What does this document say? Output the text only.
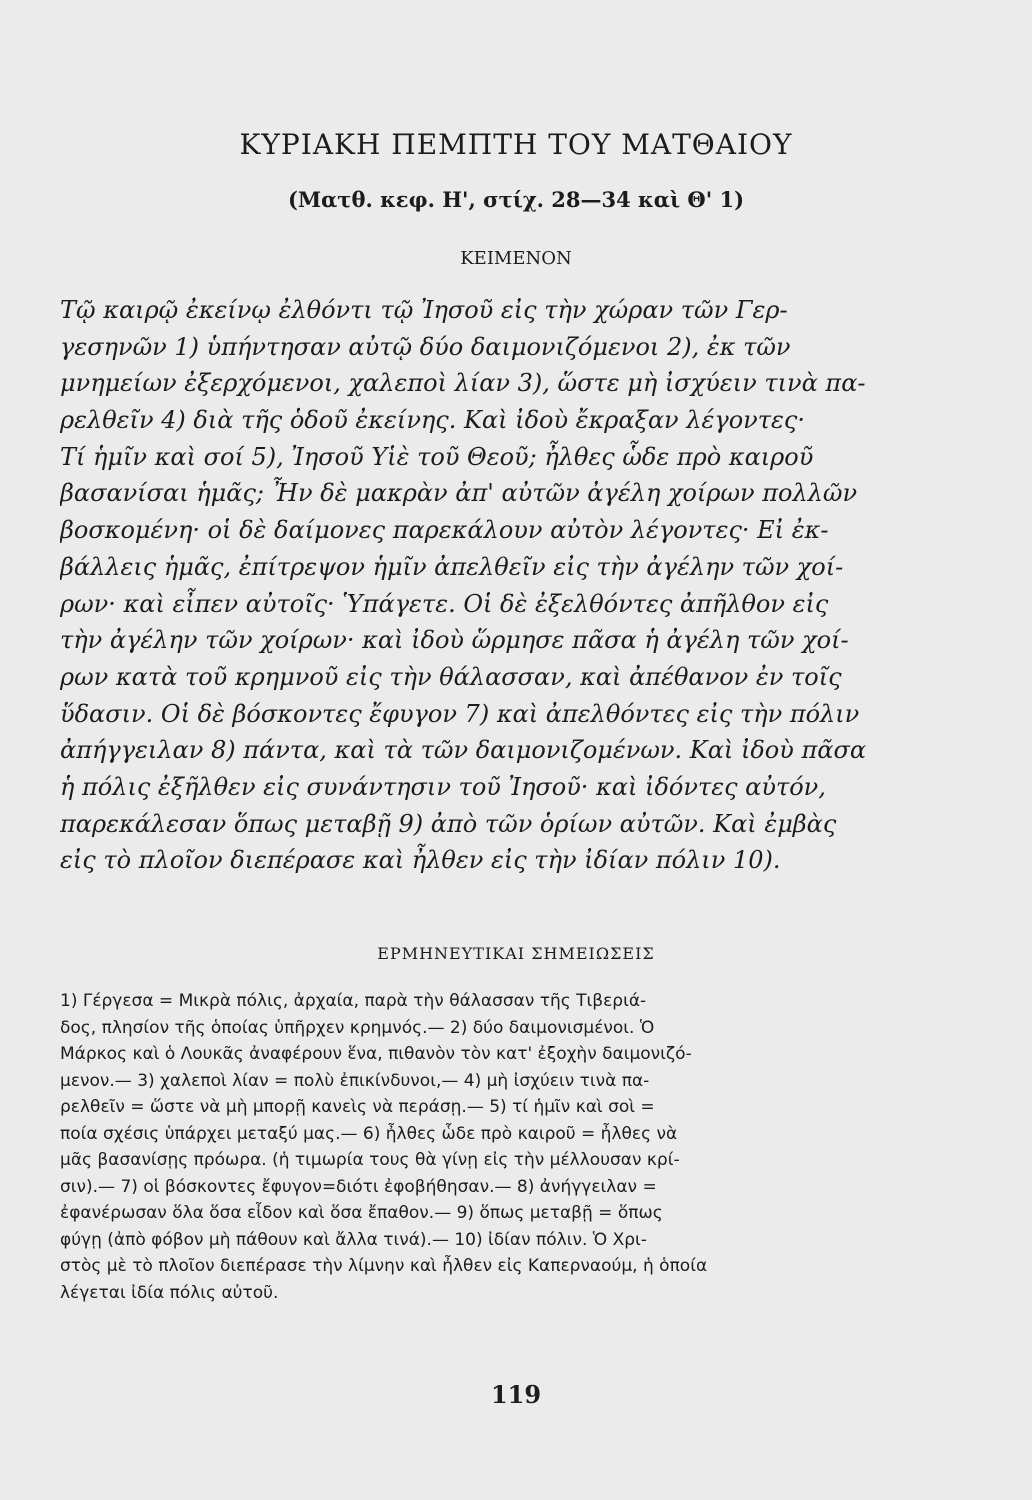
ΚΥΡΙΑΚΗ ΠΕΜΠΤΗ ΤΟΥ ΜΑΤΘΑΙΟΥ
(Ματθ. κεφ. Η', στίχ. 28—34 καὶ Θ' 1)
ΚΕΙΜΕΝΟΝ
Τῷ καιρῷ ἐκείνῳ ἐλθόντι τῷ Ἰησοῦ εἰς τὴν χώραν τῶν Γερ-
γεσηνῶν 1) ὑπήντησαν αὐτῷ δύο δαιμονιζόμενοι 2), ἐκ τῶν
μνημείων ἐξερχόμενοι, χαλεποὶ λίαν 3), ὥστε μὴ ἰσχύειν τινὰ πα-
ρελθεῖν 4) διὰ τῆς ὁδοῦ ἐκείνης. Καὶ ἰδοὺ ἔκραξαν λέγοντες·
Τί ἡμῖν καὶ σοί 5), Ἰησοῦ Υἱὲ τοῦ Θεοῦ; ἦλθες ὧδε πρὸ καιροῦ
βασανίσαι ἡμᾶς; Ἦν δὲ μακρὰν ἀπ' αὐτῶν ἀγέλη χοίρων πολλῶν
βοσκομένη· οἱ δὲ δαίμονες παρεκάλουν αὐτὸν λέγοντες· Εἰ ἐκ-
βάλλεις ἡμᾶς, ἐπίτρεψον ἡμῖν ἀπελθεῖν εἰς τὴν ἀγέλην τῶν χοί-
ρων· καὶ εἶπεν αὐτοῖς· Ὑπάγετε. Οἱ δὲ ἐξελθόντες ἀπῆλθον εἰς
τὴν ἀγέλην τῶν χοίρων· καὶ ἰδοὺ ὥρμησε πᾶσα ἡ ἀγέλη τῶν χοί-
ρων κατὰ τοῦ κρημνοῦ εἰς τὴν θάλασσαν, καὶ ἀπέθανον ἐν τοῖς
ὕδασιν. Οἱ δὲ βόσκοντες ἔφυγον 7) καὶ ἀπελθόντες εἰς τὴν πόλιν
ἀπήγγειλαν 8) πάντα, καὶ τὰ τῶν δαιμονιζομένων. Καὶ ἰδοὺ πᾶσα
ἡ πόλις ἐξῆλθεν εἰς συνάντησιν τοῦ Ἰησοῦ· καὶ ἰδόντες αὐτόν,
παρεκάλεσαν ὅπως μεταβῇ 9) ἀπὸ τῶν ὁρίων αὐτῶν. Καὶ ἐμβὰς
εἰς τὸ πλοῖον διεπέρασε καὶ ἦλθεν εἰς τὴν ἰδίαν πόλιν 10).
ΕΡΜΗΝΕΥΤΙΚΑΙ ΣΗΜΕΙΩΣΕΙΣ
1) Γέργεσα = Μικρὰ πόλις, ἀρχαία, παρὰ τὴν θάλασσαν τῆς Τιβεριά-
δος, πλησίον τῆς ὁποίας ὑπῆρχεν κρημνός.— 2) δύο δαιμονισμένοι. Ὁ
Μάρκος καὶ ὁ Λουκᾶς ἀναφέρουν ἕνα, πιθανὸν τὸν κατ' ἐξοχὴν δαιμονιζό-
μενον.— 3) χαλεποὶ λίαν = πολὺ ἐπικίνδυνοι,— 4) μὴ ἰσχύειν τινὰ πα-
ρελθεῖν = ὥστε νὰ μὴ μπορῇ κανεὶς νὰ περάσῃ.— 5) τί ἡμῖν καὶ σοὶ =
ποία σχέσις ὑπάρχει μεταξύ μας.— 6) ἦλθες ὧδε πρὸ καιροῦ = ἦλθες νὰ
μᾶς βασανίσῃς πρόωρα. (ἡ τιμωρία τους θὰ γίνῃ εἰς τὴν μέλλουσαν κρί-
σιν).— 7) οἱ βόσκοντες ἔφυγον=διότι ἐφοβήθησαν.— 8) ἀνήγγειλαν =
ἐφανέρωσαν ὅλα ὅσα εἶδον καὶ ὅσα ἔπαθον.— 9) ὅπως μεταβῇ = ὅπως
φύγῃ (ἀπὸ φόβον μὴ πάθουν καὶ ἄλλα τινά).— 10) ἰδίαν πόλιν. Ὁ Χρι-
στὸς μὲ τὸ πλοῖον διεπέρασε τὴν λίμνην καὶ ἦλθεν εἰς Καπερναούμ, ἡ ὁποία
λέγεται ἰδία πόλις αὐτοῦ.
119
